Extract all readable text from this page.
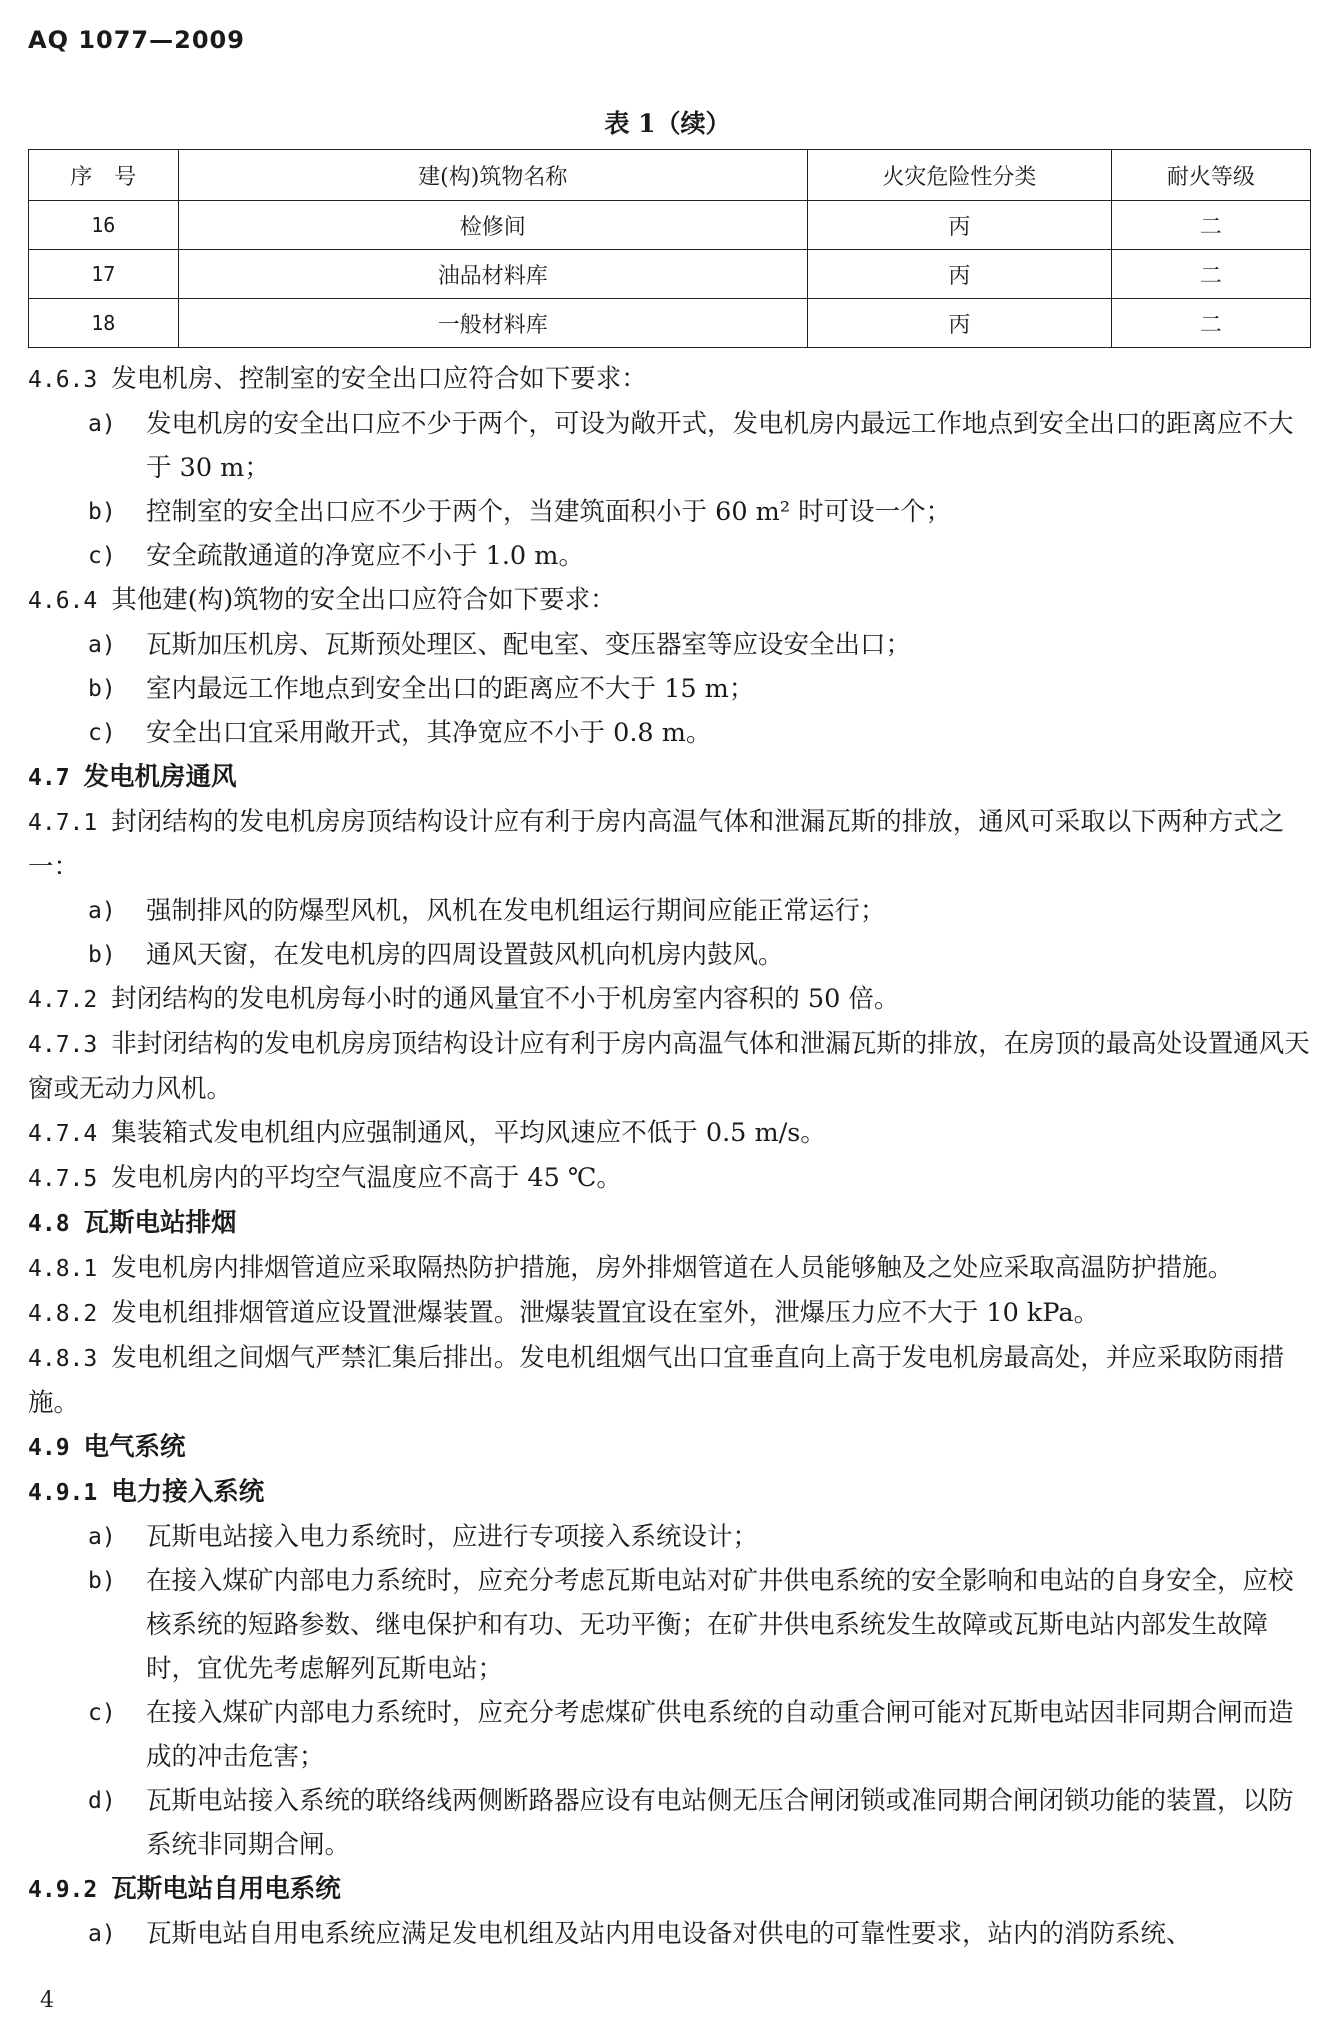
AQ 1077—2009
表 1（续）
序　号	建(构)筑物名称	火灾危险性分类	耐火等级
16	检修间	丙	二
17	油品材料库	丙	二
18	一般材料库	丙	二

4.6.3 发电机房、控制室的安全出口应符合如下要求：

a)	发电机房的安全出口应不少于两个，可设为敞开式，发电机房内最远工作地点到安全出口的距离应不大于 30 m；
b)	控制室的安全出口应不少于两个，当建筑面积小于 60 m² 时可设一个；
c)	安全疏散通道的净宽应不小于 1.0 m。

4.6.4 其他建(构)筑物的安全出口应符合如下要求：

a)	瓦斯加压机房、瓦斯预处理区、配电室、变压器室等应设安全出口；
b)	室内最远工作地点到安全出口的距离应不大于 15 m；
c)	安全出口宜采用敞开式，其净宽应不小于 0.8 m。

4.7 发电机房通风

4.7.1 封闭结构的发电机房房顶结构设计应有利于房内高温气体和泄漏瓦斯的排放，通风可采取以下两种方式之一：

a)	强制排风的防爆型风机，风机在发电机组运行期间应能正常运行；
b)	通风天窗，在发电机房的四周设置鼓风机向机房内鼓风。

4.7.2 封闭结构的发电机房每小时的通风量宜不小于机房室内容积的 50 倍。

4.7.3 非封闭结构的发电机房房顶结构设计应有利于房内高温气体和泄漏瓦斯的排放，在房顶的最高处设置通风天窗或无动力风机。

4.7.4 集装箱式发电机组内应强制通风，平均风速应不低于 0.5 m/s。

4.7.5 发电机房内的平均空气温度应不高于 45 ℃。

4.8 瓦斯电站排烟

4.8.1 发电机房内排烟管道应采取隔热防护措施，房外排烟管道在人员能够触及之处应采取高温防护措施。

4.8.2 发电机组排烟管道应设置泄爆装置。泄爆装置宜设在室外，泄爆压力应不大于 10 kPa。

4.8.3 发电机组之间烟气严禁汇集后排出。发电机组烟气出口宜垂直向上高于发电机房最高处，并应采取防雨措施。

4.9 电气系统

4.9.1 电力接入系统

a)	瓦斯电站接入电力系统时，应进行专项接入系统设计；
b)	在接入煤矿内部电力系统时，应充分考虑瓦斯电站对矿井供电系统的安全影响和电站的自身安全，应校核系统的短路参数、继电保护和有功、无功平衡；在矿井供电系统发生故障或瓦斯电站内部发生故障时，宜优先考虑解列瓦斯电站；
c)	在接入煤矿内部电力系统时，应充分考虑煤矿供电系统的自动重合闸可能对瓦斯电站因非同期合闸而造成的冲击危害；
d)	瓦斯电站接入系统的联络线两侧断路器应设有电站侧无压合闸闭锁或准同期合闸闭锁功能的装置，以防系统非同期合闸。

4.9.2 瓦斯电站自用电系统

a)	瓦斯电站自用电系统应满足发电机组及站内用电设备对供电的可靠性要求，站内的消防系统、
4
